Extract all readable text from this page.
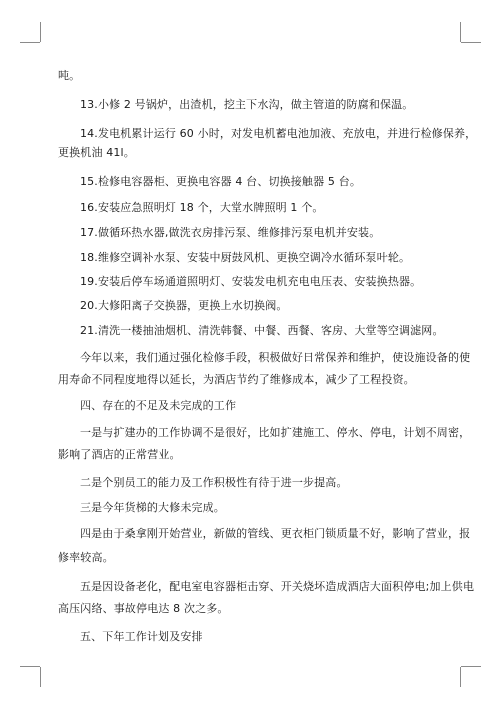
吨。
13.小修 2 号锅炉，出渣机，挖主下水沟，做主管道的防腐和保温。
14.发电机累计运行 60 小时，对发电机蓄电池加液、充放电，并进行检修保养，
更换机油 41l。
15.检修电容器柜、更换电容器 4 台、切换接触器 5 台。
16.安装应急照明灯 18 个，大堂水牌照明 1 个。
17.做循环热水器,做洗衣房排污泵、维修排污泵电机并安装。
18.维修空调补水泵、安装中厨鼓风机、更换空调冷水循环泵叶轮。
19.安装后停车场通道照明灯、安装发电机充电电压表、安装换热器。
20.大修阳离子交换器，更换上水切换阀。
21.清洗一楼抽油烟机、清洗韩餐、中餐、西餐、客房、大堂等空调滤网。
今年以来，我们通过强化检修手段，积极做好日常保养和维护，使设施设备的使
用寿命不同程度地得以延长，为酒店节约了维修成本，减少了工程投资。
四、存在的不足及未完成的工作
一是与扩建办的工作协调不是很好，比如扩建施工、停水、停电，计划不周密，
影响了酒店的正常营业。
二是个别员工的能力及工作积极性有待于进一步提高。
三是今年货梯的大修未完成。
四是由于桑拿刚开始营业，新做的管线、更衣柜门锁质量不好，影响了营业，报
修率较高。
五是因设备老化，配电室电容器柜击穿、开关烧坏造成酒店大面积停电;加上供电
高压闪络、事故停电达 8 次之多。
五、下年工作计划及安排
